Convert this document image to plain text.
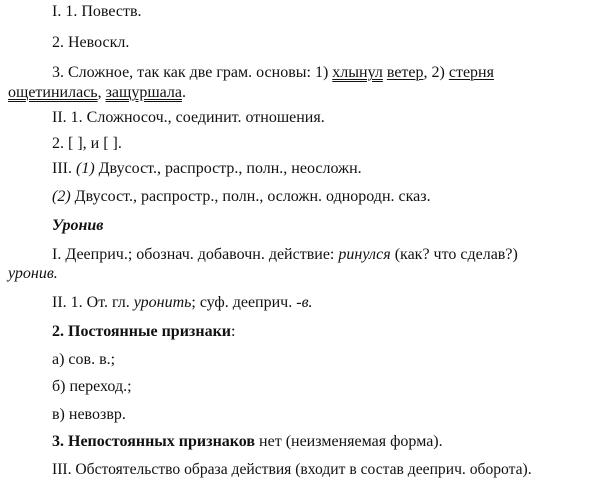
I. 1. Повеств.
2. Невоскл.
3. Сложное, так как две грам. основы: 1) хлынул ветер, 2) стерня
ощетинилась, защуршала.
II. 1. Сложносоч., соединит. отношения.
2. [ ], и [ ].
III. (1) Двусост., распростр., полн., неосложн.
(2) Двусост., распростр., полн., осложн. однородн. сказ.
Уронив
I. Дееприч.; обознач. добавочн. действие: ринулся (как? что сделав?)
уронив.
II. 1. От. гл. уронить; суф. дееприч. -в.
2. Постоянные признаки:
а) сов. в.;
б) переход.;
в) невозвр.
3. Непостоянных признаков нет (неизменяемая форма).
III. Обстоятельство образа действия (входит в состав дееприч. оборота).
